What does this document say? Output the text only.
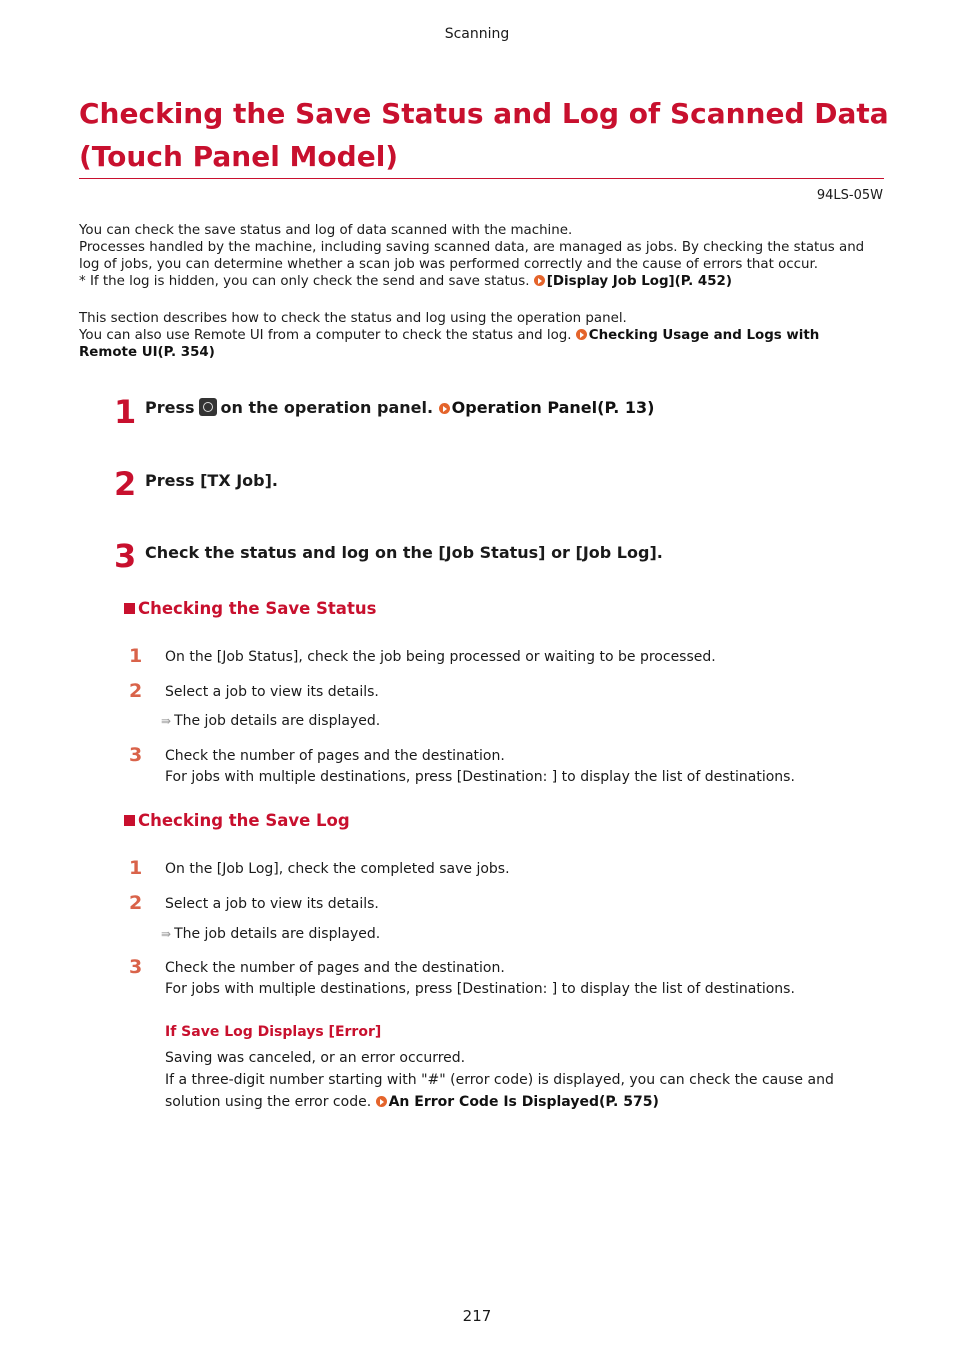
Scanning
Checking the Save Status and Log of Scanned Data
(Touch Panel Model)
94LS-05W
You can check the save status and log of data scanned with the machine.
Processes handled by the machine, including saving scanned data, are managed as jobs. By checking the status and log of jobs, you can determine whether a scan job was performed correctly and the cause of errors that occur.
* If the log is hidden, you can only check the send and save status. [Display Job Log](P. 452)
This section describes how to check the status and log using the operation panel.
You can also use Remote UI from a computer to check the status and log. Checking Usage and Logs with Remote UI(P. 354)
1 Press on the operation panel. Operation Panel(P. 13)
2 Press [TX Job].
3 Check the status and log on the [Job Status] or [Job Log].
Checking the Save Status
1 On the [Job Status], check the job being processed or waiting to be processed.
2 Select a job to view its details.
⇛ The job details are displayed.
3 Check the number of pages and the destination.
For jobs with multiple destinations, press [Destination: ] to display the list of destinations.
Checking the Save Log
1 On the [Job Log], check the completed save jobs.
2 Select a job to view its details.
⇛ The job details are displayed.
3 Check the number of pages and the destination.
For jobs with multiple destinations, press [Destination: ] to display the list of destinations.
If Save Log Displays [Error]
Saving was canceled, or an error occurred.
If a three-digit number starting with "#" (error code) is displayed, you can check the cause and solution using the error code. An Error Code Is Displayed(P. 575)
217
